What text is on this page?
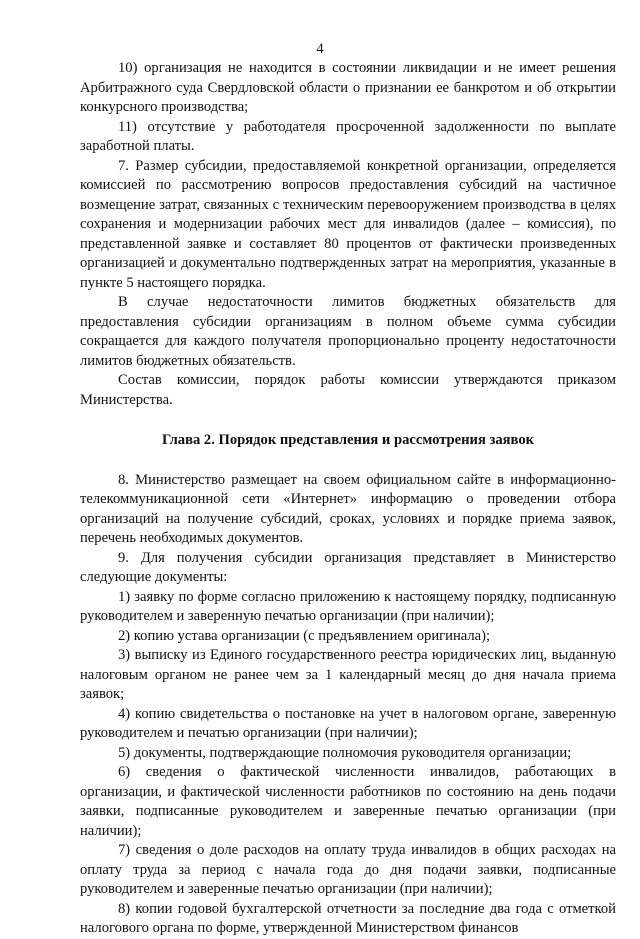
4

10) организация не находится в состоянии ликвидации и не имеет решения Арбитражного суда Свердловской области о признании ее банкротом и об открытии конкурсного производства;

11) отсутствие у работодателя просроченной задолженности по выплате заработной платы.

7. Размер субсидии, предоставляемой конкретной организации, определяется комиссией по рассмотрению вопросов предоставления субсидий на частичное возмещение затрат, связанных с техническим перевооружением производства в целях сохранения и модернизации рабочих мест для инвалидов (далее – комиссия), по представленной заявке и составляет 80 процентов от фактически произведенных организацией и документально подтвержденных затрат на мероприятия, указанные в пункте 5 настоящего порядка.

В случае недостаточности лимитов бюджетных обязательств для предоставления субсидии организациям в полном объеме сумма субсидии сокращается для каждого получателя пропорционально проценту недостаточности лимитов бюджетных обязательств.

Состав комиссии, порядок работы комиссии утверждаются приказом Министерства.

Глава 2. Порядок представления и рассмотрения заявок

8. Министерство размещает на своем официальном сайте в информационно-телекоммуникационной сети «Интернет» информацию о проведении отбора организаций на получение субсидий, сроках, условиях и порядке приема заявок, перечень необходимых документов.

9. Для получения субсидии организация представляет в Министерство следующие документы:

1) заявку по форме согласно приложению к настоящему порядку, подписанную руководителем и заверенную печатью организации (при наличии);

2) копию устава организации (с предъявлением оригинала);

3) выписку из Единого государственного реестра юридических лиц, выданную налоговым органом не ранее чем за 1 календарный месяц до дня начала приема заявок;

4) копию свидетельства о постановке на учет в налоговом органе, заверенную руководителем и печатью организации (при наличии);

5) документы, подтверждающие полномочия руководителя организации;

6) сведения о фактической численности инвалидов, работающих в организации, и фактической численности работников по состоянию на день подачи заявки, подписанные руководителем и заверенные печатью организации (при наличии);

7) сведения о доле расходов на оплату труда инвалидов в общих расходах на оплату труда за период с начала года до дня подачи заявки, подписанные руководителем и заверенные печатью организации (при наличии);

8) копии годовой бухгалтерской отчетности за последние два года с отметкой налогового органа по форме, утвержденной Министерством финансов
